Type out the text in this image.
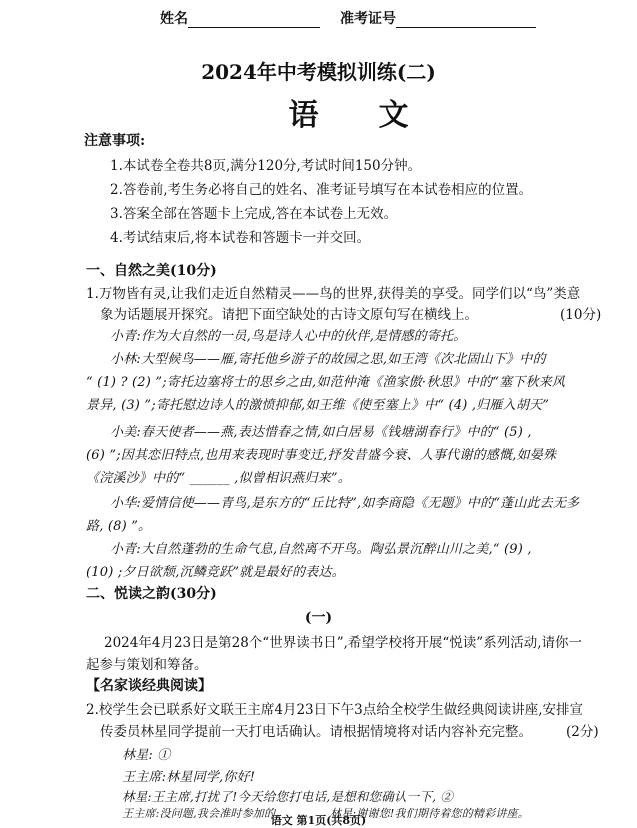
姓名	准考证号
2024年中考模拟训练(二)
语文
注意事项:
1.本试卷全卷共8页,满分120分,考试时间150分钟。
2.答卷前,考生务必将自己的姓名、准考证号填写在本试卷相应的位置。
3.答案全部在答题卡上完成,答在本试卷上无效。
4.考试结束后,将本试卷和答题卡一并交回。
一、自然之美(10分)
1.万物皆有灵,让我们走近自然精灵——鸟的世界,获得美的享受。同学们以“鸟”类意
象为话题展开探究。请把下面空缺处的古诗文原句写在横线上。	(10分)
小青:作为大自然的一员,鸟是诗人心中的伙伴,是情感的寄托。
小林:大型候鸟——雁,寄托他乡游子的故园之思,如王湾《次北固山下》中的
“ (1) ? (2) ”;寄托边塞将士的思乡之由,如范仲淹《渔家傲·秋思》中的“塞下秋来风
景异, (3) ”;寄托慰边诗人的激愤抑郁,如王维《使至塞上》中“ (4) ,归雁入胡天”
小美:春天使者——燕,表达惜春之情,如白居易《钱塘湖春行》中的“ (5) ,
(6) ”;因其恋旧特点,也用来表现时事变迁,抒发昔盛今衰、人事代谢的感慨,如晏殊
《浣溪沙》中的“ ______ ,似曾相识燕归来”。
小华:爱情信使——青鸟,是东方的“丘比特”,如李商隐《无题》中的“蓬山此去无多
路, (8) ”。
小青:大自然蓬勃的生命气息,自然离不开鸟。陶弘景沉醉山川之美,“ (9) ,
(10) ;夕日欲颓,沉鳞竞跃”就是最好的表达。
二、悦读之韵(30分)
(一)
2024年4月23日是第28个“世界读书日”,希望学校将开展“悦读”系列活动,请你一
起参与策划和筹备。
【名家谈经典阅读】
2.校学生会已联系好文联王主席4月23日下午3点给全校学生做经典阅读讲座,安排宣
传委员林星同学提前一天打电话确认。请根据情境将对话内容补充完整。	(2分)
林星: ①
王主席:林星同学,你好!
林星:王主席,打扰了!今天给您打电话,是想和您确认一下, ②
王主席:没问题,我会准时参加的。	林星:谢谢您!我们期待着您的精彩讲座。
语文 第1页(共8页)
